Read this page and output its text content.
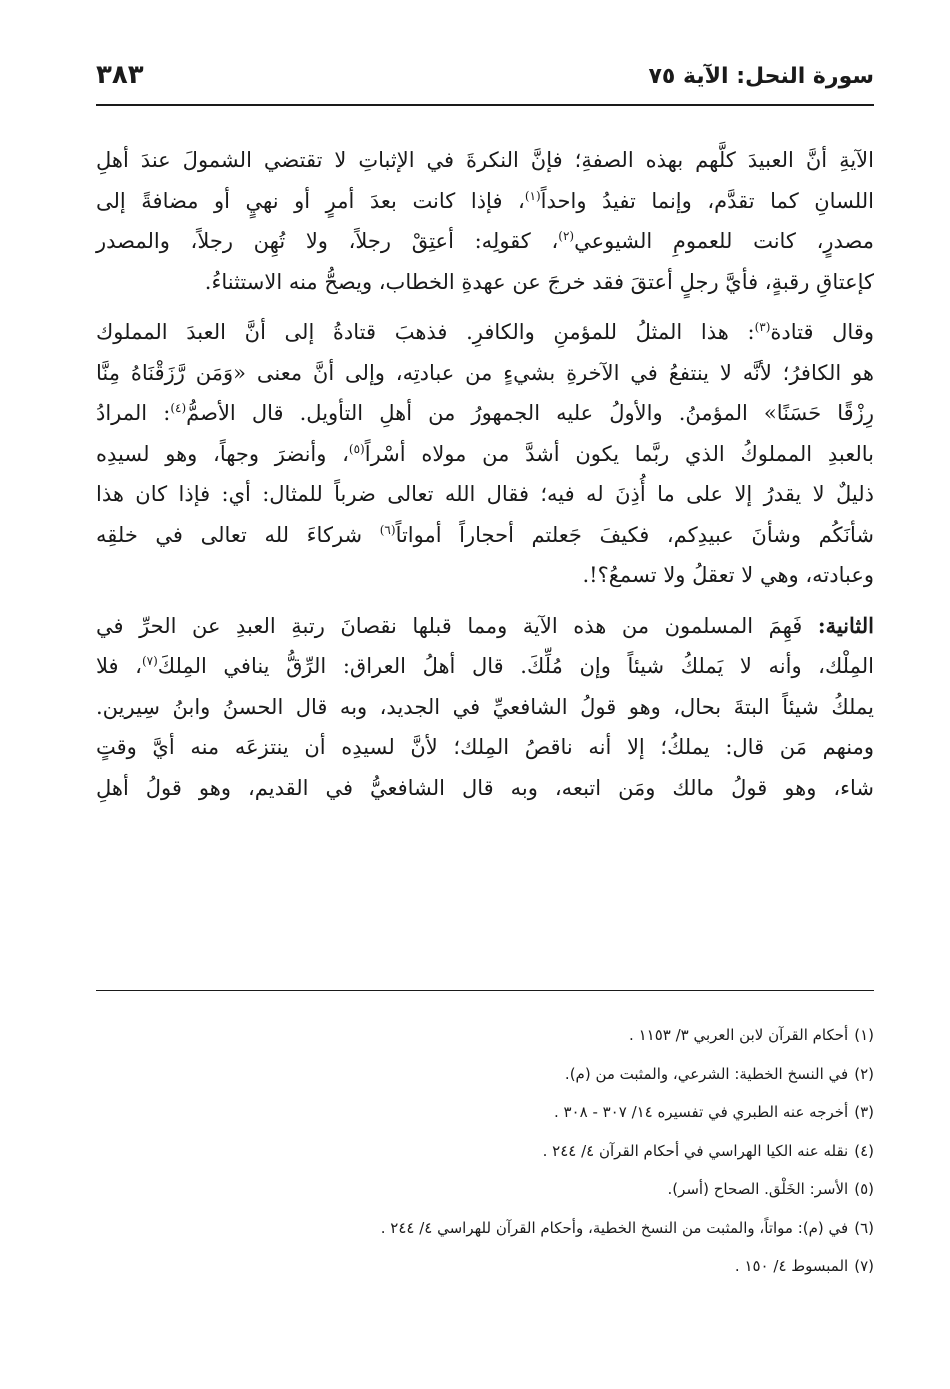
سورة النحل: الآية ٧٥
٣٨٣
الآيةِ أنَّ العبيدَ كلَّهم بهذه الصفةِ؛ فإنَّ النكرةَ في الإثباتِ لا تقتضي الشمولَ عندَ أهلِ
اللسانِ كما تقدَّم، وإنما تفيدُ واحداً$^{(١)}$، فإذا كانت بعدَ أمرٍ أو نهيٍ أو مضافةً إلى
مصدرٍ، كانت للعمومِ الشيوعي$^{(٢)}$، كقولِه: أعتِقْ رجلاً، ولا تُهِن رجلاً، والمصدر
كإعتاقِ رقبةٍ، فأيَّ رجلٍ أعتقَ فقد خرجَ عن عهدةِ الخطاب، ويصحُّ منه الاستثناءُ.
وقال قتادة$^{(٣)}$: هذا المثلُ للمؤمنِ والكافرِ. فذهبَ قتادةُ إلى أنَّ العبدَ المملوك
هو الكافرُ؛ لأنَّه لا ينتفعُ في الآخرةِ بشيءٍ من عبادتِه، وإلى أنَّ معنى «وَمَن رَّزَقْنَاهُ مِنَّا
رِزْقًا حَسَنًا» المؤمنُ. والأولُ عليه الجمهورُ من أهلِ التأويل. قال الأصمُّ$^{(٤)}$: المرادُ
بالعبدِ المملوكُ الذي ربَّما يكون أشدَّ من مولاه أسْراً$^{(٥)}$، وأنضرَ وجهاً، وهو لسيدِه
ذليلٌ لا يقدرُ إلا على ما أُذِنَ له فيه؛ فقال الله تعالى ضرباً للمثال: أي: فإذا كان هذا
شأنَكُم وشأنَ عبيدِكم، فكيفَ جَعلتم أحجاراً أمواتاً$^{(٦)}$ شركاءَ لله تعالى في خلقِه
وعبادته، وهي لا تعقلُ ولا تسمعُ؟!.
الثانية: فَهِمَ المسلمون من هذه الآية ومما قبلها نقصانَ رتبةِ العبدِ عن الحرِّ في
المِلْك، وأنه لا يَملكُ شيئاً وإن مُلِّكَ. قال أهلُ العراق: الرِّقُّ ينافي المِلكَ$^{(٧)}$، فلا
يملكُ شيئاً البتةَ بحال، وهو قولُ الشافعيِّ في الجديد، وبه قال الحسنُ وابنُ سِيرين.
ومنهم مَن قال: يملكُ؛ إلا أنه ناقصُ المِلك؛ لأنَّ لسيدِه أن ينتزعَه منه أيَّ وقتٍ
شاء، وهو قولُ مالك ومَن اتبعه، وبه قال الشافعيُّ في القديم، وهو قولُ أهلِ
(١)أحكام القرآن لابن العربي ٣/ ١١٥٣ .
(٢)في النسخ الخطية: الشرعي، والمثبت من (م).
(٣)أخرجه عنه الطبري في تفسيره ١٤/ ٣٠٧ - ٣٠٨ .
(٤)نقله عنه الكيا الهراسي في أحكام القرآن ٤/ ٢٤٤ .
(٥)الأسر: الخَلْق. الصحاح (أسر).
(٦)في (م): مواتاً، والمثبت من النسخ الخطية، وأحكام القرآن للهراسي ٤/ ٢٤٤ .
(٧)المبسوط ٤/ ١٥٠ .
